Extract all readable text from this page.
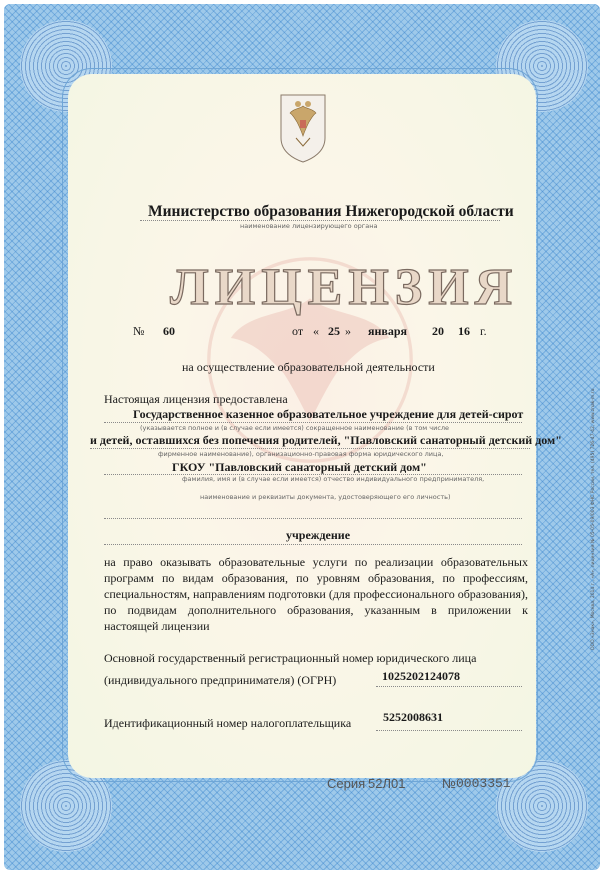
Министерство образования Нижегородской области
наименование лицензирующего органа
ЛИЦЕНЗИЯ
№ 60	от « 25 » января 20 16 г.
на осуществление образовательной деятельности
Настоящая лицензия предоставлена
Государственное казенное образовательное учреждение для детей-сирот
(указывается полное и (в случае если имеется) сокращенное наименование (в том числе
и детей, оставшихся без попечения родителей, "Павловский санаторный детский дом"
фирменное наименование), организационно-правовая форма юридического лица,
ГКОУ "Павловский санаторный детский дом"
фамилия, имя и (в случае если имеется) отчество индивидуального предпринимателя,
наименование и реквизиты документа, удостоверяющего его личность)
учреждение
на право оказывать образовательные услуги по реализации образовательных программ по видам образования, по уровням образования, по профессиям, специальностям, направлениям подготовки (для профессионального образования), по подвидам дополнительного образования, указанным в приложении к настоящей лицензии
Основной государственный регистрационный номер юридического лица
(индивидуального предпринимателя) (ОГРН)	1025202124078
Идентификационный номер налогоплательщика	5252008631
Серия 52Л01	№ 0003351
ООО «Знак», Москва, 2014 г., «А», лицензия № 05-05-09/003 ФНС России, тел. (495) 726-47-42, www.znak-m.ru
